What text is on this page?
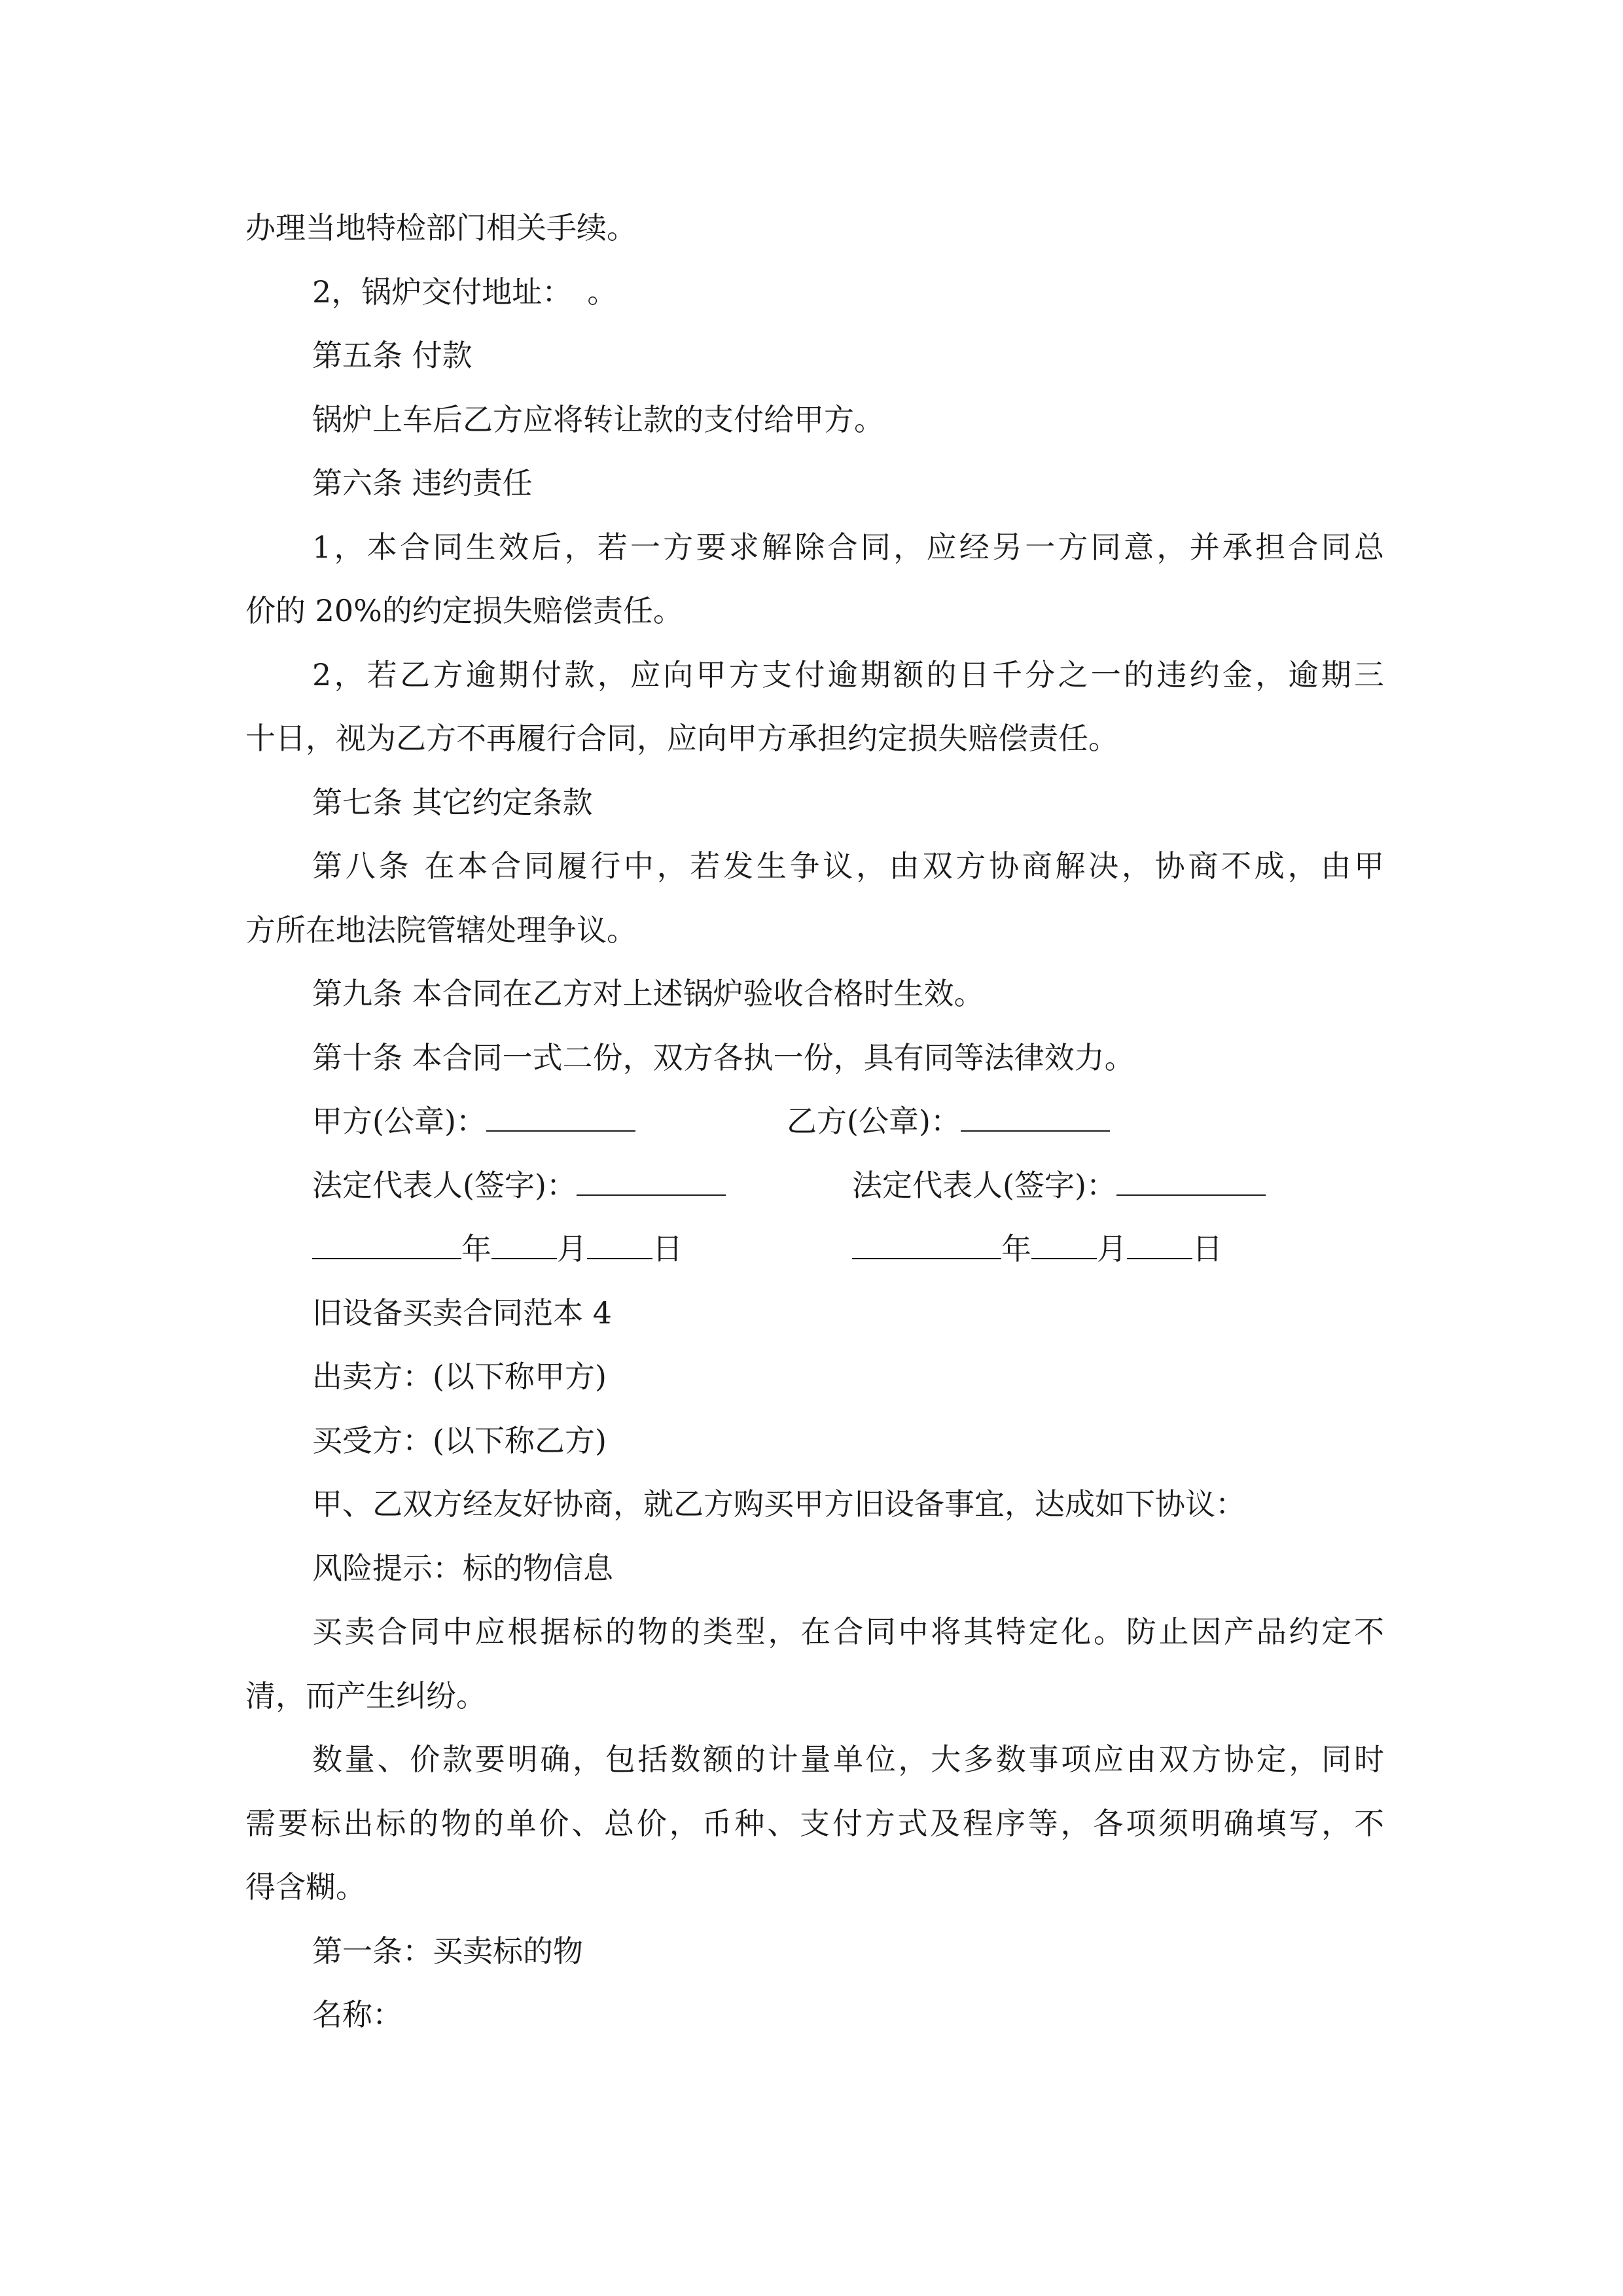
办理当地特检部门相关手续。
2，锅炉交付地址：　。
第五条 付款
锅炉上车后乙方应将转让款的支付给甲方。
第六条 违约责任
1，本合同生效后，若一方要求解除合同，应经另一方同意，并承担合同总
价的 20%的约定损失赔偿责任。
2，若乙方逾期付款，应向甲方支付逾期额的日千分之一的违约金，逾期三
十日，视为乙方不再履行合同，应向甲方承担约定损失赔偿责任。
第七条 其它约定条款
第八条 在本合同履行中，若发生争议，由双方协商解决，协商不成，由甲
方所在地法院管辖处理争议。
第九条 本合同在乙方对上述锅炉验收合格时生效。
第十条 本合同一式二份，双方各执一份，具有同等法律效力。
甲方(公章)：	乙方(公章)：
法定代表人(签字)：	法定代表人(签字)：
年 月 日	年 月 日
旧设备买卖合同范本 4
出卖方：(以下称甲方)
买受方：(以下称乙方)
甲、乙双方经友好协商，就乙方购买甲方旧设备事宜，达成如下协议：
风险提示：标的物信息
买卖合同中应根据标的物的类型，在合同中将其特定化。防止因产品约定不
清，而产生纠纷。
数量、价款要明确，包括数额的计量单位，大多数事项应由双方协定，同时
需要标出标的物的单价、总价，币种、支付方式及程序等，各项须明确填写，不
得含糊。
第一条：买卖标的物
名称：
